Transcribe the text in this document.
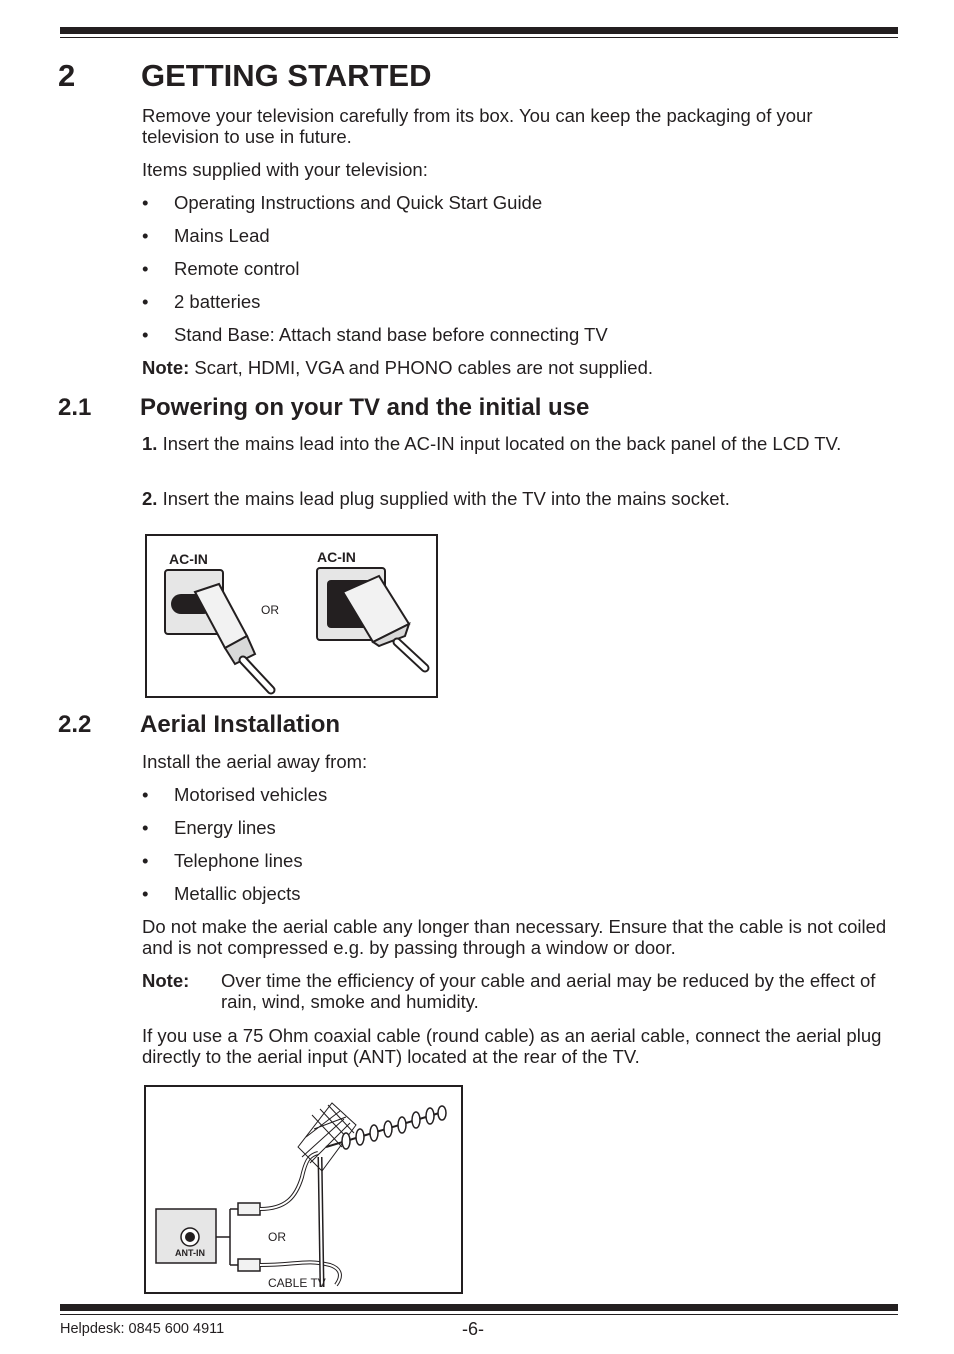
2 GETTING STARTED
Remove your television carefully from its box. You can keep the packaging of your television to use in future.
Items supplied with your television:
• Operating Instructions and Quick Start Guide
• Mains Lead
• Remote control
• 2 batteries
• Stand Base: Attach stand base before connecting TV
Note: Scart, HDMI, VGA and PHONO cables are not supplied.
2.1 Powering on your TV and the initial use
1. Insert the mains lead into the AC-IN input located on the back panel of the LCD TV.
2. Insert the mains lead plug supplied with the TV into the mains socket.
AC-IN	AC-IN
OR
2.2 Aerial Installation
Install the aerial away from:
• Motorised vehicles
• Energy lines
• Telephone lines
• Metallic objects
Do not make the aerial cable any longer than necessary. Ensure that the cable is not coiled and is not compressed e.g. by passing through a window or door.
Note: Over time the efficiency of your cable and aerial may be reduced by the effect of rain, wind, smoke and humidity.
If you use a 75 Ohm coaxial cable (round cable) as an aerial cable, connect the aerial plug directly to the aerial input (ANT) located at the rear of the TV.
ANT-IN
OR
CABLE TV
Helpdesk: 0845 600 4911	-6-
